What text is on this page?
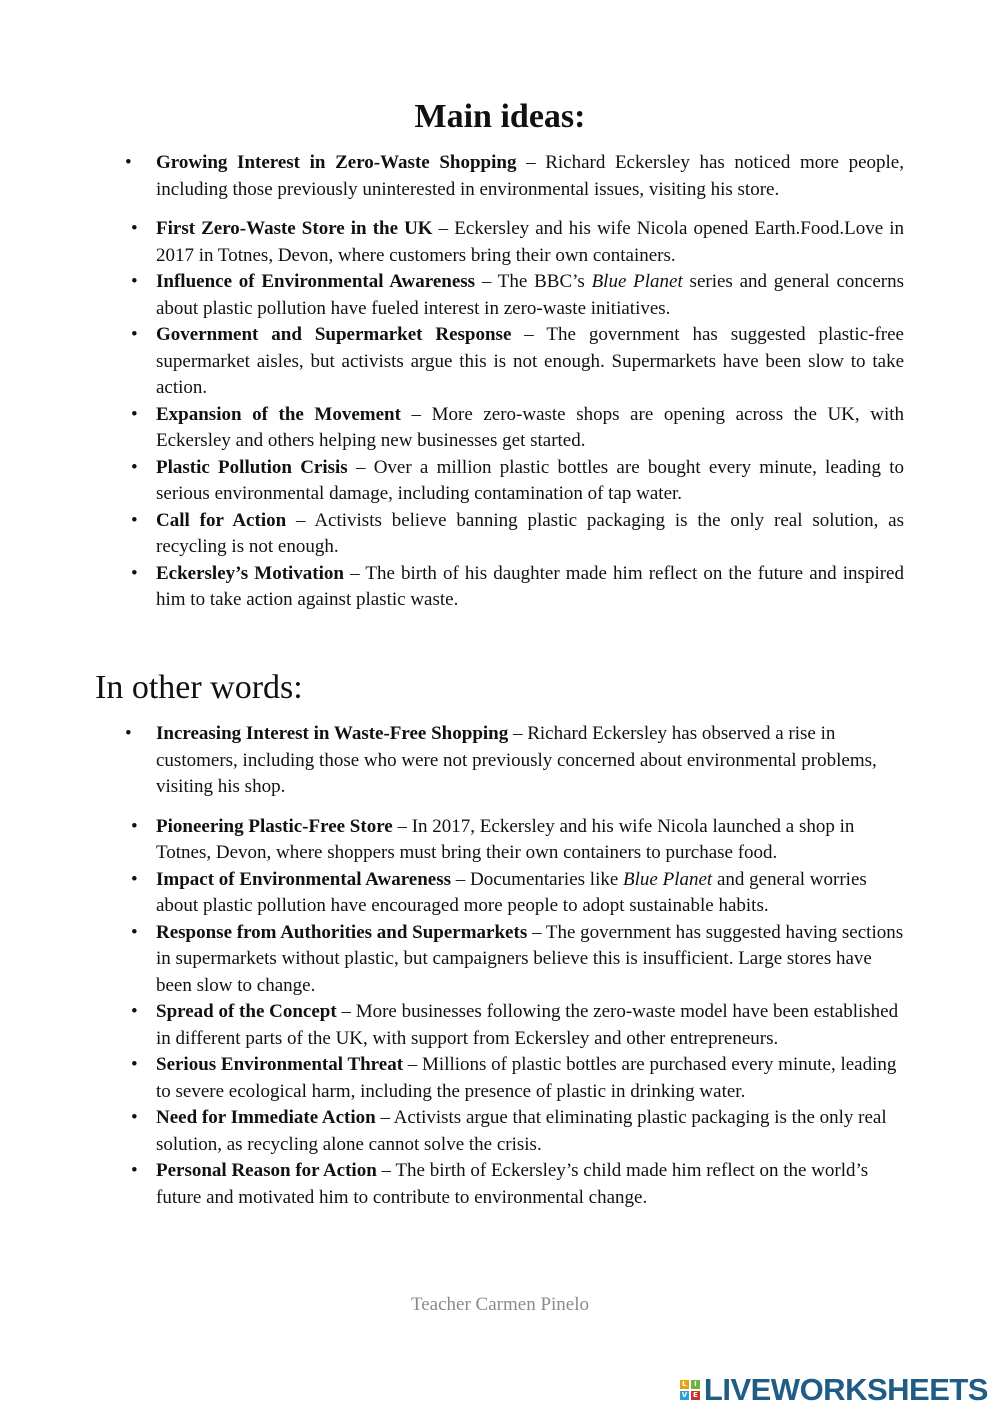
Main ideas:
• Growing Interest in Zero-Waste Shopping – Richard Eckersley has noticed more people, including those previously uninterested in environmental issues, visiting his store.
• First Zero-Waste Store in the UK – Eckersley and his wife Nicola opened Earth.Food.Love in 2017 in Totnes, Devon, where customers bring their own containers.
• Influence of Environmental Awareness – The BBC’s Blue Planet series and general concerns about plastic pollution have fueled interest in zero-waste initiatives.
• Government and Supermarket Response – The government has suggested plastic-free supermarket aisles, but activists argue this is not enough. Supermarkets have been slow to take action.
• Expansion of the Movement – More zero-waste shops are opening across the UK, with Eckersley and others helping new businesses get started.
• Plastic Pollution Crisis – Over a million plastic bottles are bought every minute, leading to serious environmental damage, including contamination of tap water.
• Call for Action – Activists believe banning plastic packaging is the only real solution, as recycling is not enough.
• Eckersley’s Motivation – The birth of his daughter made him reflect on the future and inspired him to take action against plastic waste.
In other words:
• Increasing Interest in Waste-Free Shopping – Richard Eckersley has observed a rise in customers, including those who were not previously concerned about environmental problems, visiting his shop.
• Pioneering Plastic-Free Store – In 2017, Eckersley and his wife Nicola launched a shop in Totnes, Devon, where shoppers must bring their own containers to purchase food.
• Impact of Environmental Awareness – Documentaries like Blue Planet and general worries about plastic pollution have encouraged more people to adopt sustainable habits.
• Response from Authorities and Supermarkets – The government has suggested having sections in supermarkets without plastic, but campaigners believe this is insufficient. Large stores have been slow to change.
• Spread of the Concept – More businesses following the zero-waste model have been established in different parts of the UK, with support from Eckersley and other entrepreneurs.
• Serious Environmental Threat – Millions of plastic bottles are purchased every minute, leading to severe ecological harm, including the presence of plastic in drinking water.
• Need for Immediate Action – Activists argue that eliminating plastic packaging is the only real solution, as recycling alone cannot solve the crisis.
• Personal Reason for Action – The birth of Eckersley’s child made him reflect on the world’s future and motivated him to contribute to environmental change.
Teacher Carmen Pinelo
L	I
V E LIVEWORKSHEETS
